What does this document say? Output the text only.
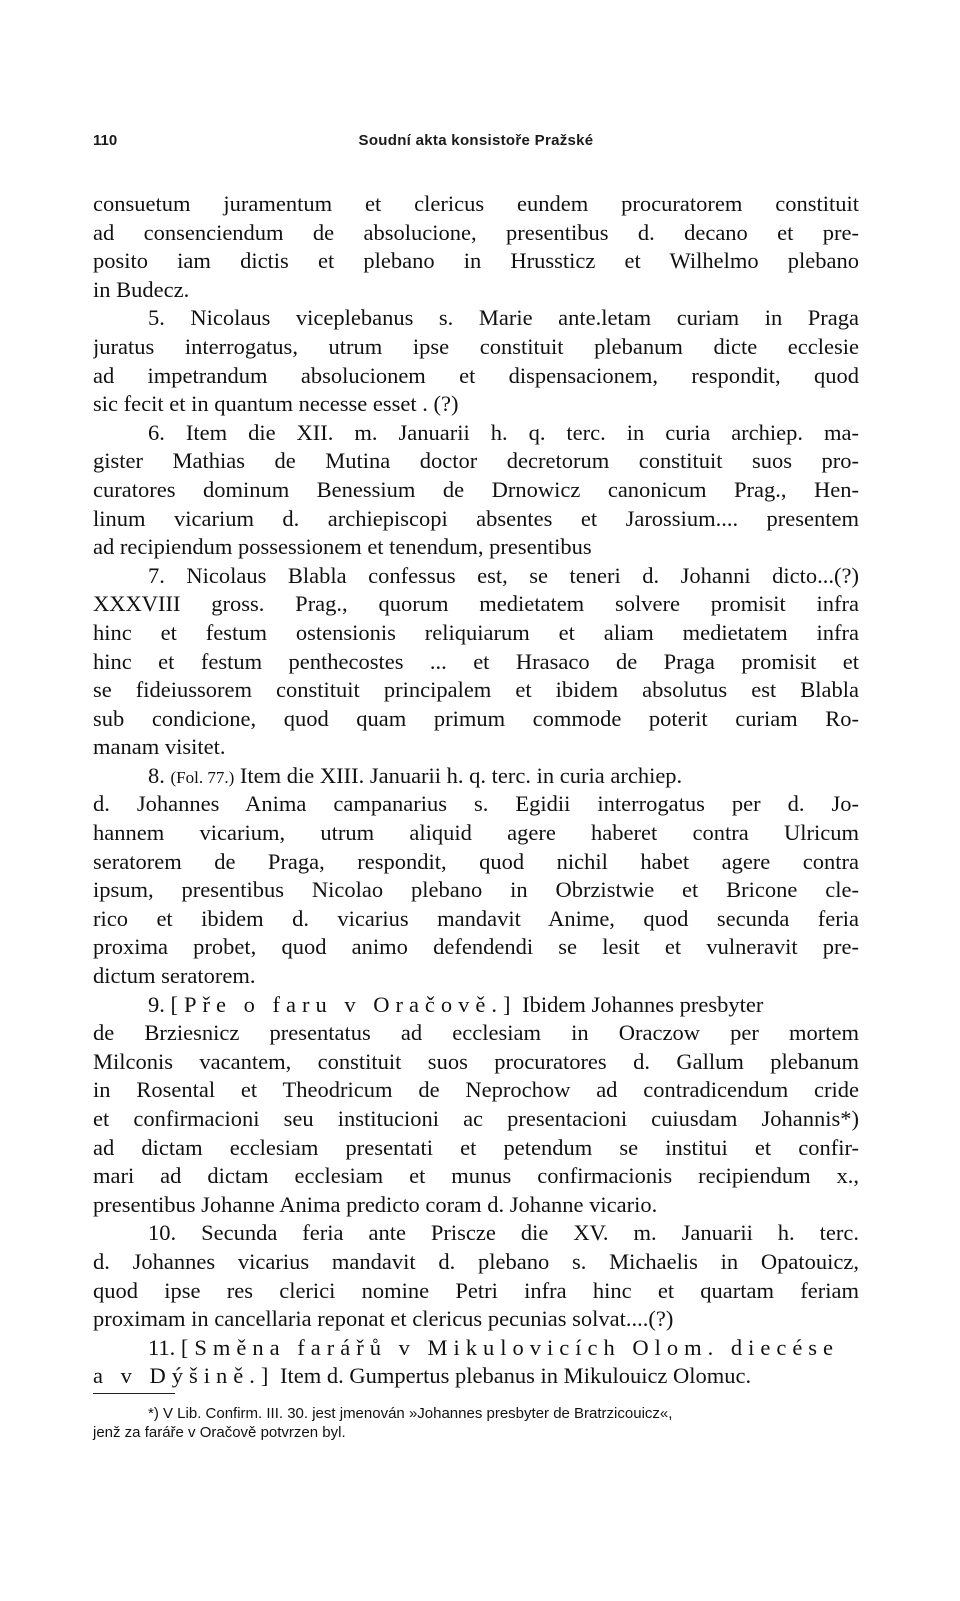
110	Soudní akta konsistoře Pražské
consuetum juramentum et clericus eundem procuratorem constituit
ad consenciendum de absolucione, presentibus d. decano et pre-
posito iam dictis et plebano in Hrussticz et Wilhelmo plebano
in Budecz.
5. Nicolaus viceplebanus s. Marie ante.letam curiam in Praga
juratus interrogatus, utrum ipse constituit plebanum dicte ecclesie
ad impetrandum absolucionem et dispensacionem, respondit, quod
sic fecit et in quantum necesse esset . (?)
6. Item die XII. m. Januarii h. q. terc. in curia archiep. ma-
gister Mathias de Mutina doctor decretorum constituit suos pro-
curatores dominum Benessium de Drnowicz canonicum Prag., Hen-
linum vicarium d. archiepiscopi absentes et Jarossium.... presentem
ad recipiendum possessionem et tenendum, presentibus
7. Nicolaus Blabla confessus est, se teneri d. Johanni dicto...(?)
XXXVIII gross. Prag., quorum medietatem solvere promisit infra
hinc et festum ostensionis reliquiarum et aliam medietatem infra
hinc et festum penthecostes ... et Hrasaco de Praga promisit et
se fideiussorem constituit principalem et ibidem absolutus est Blabla
sub condicione, quod quam primum commode poterit curiam Ro-
manam visitet.
8. (Fol. 77.) Item die XIII. Januarii h. q. terc. in curia archiep.
d. Johannes Anima campanarius s. Egidii interrogatus per d. Jo-
hannem vicarium, utrum aliquid agere haberet contra Ulricum
seratorem de Praga, respondit, quod nichil habet agere contra
ipsum, presentibus Nicolao plebano in Obrzistwie et Bricone cle-
rico et ibidem d. vicarius mandavit Anime, quod secunda feria
proxima probet, quod animo defendendi se lesit et vulneravit pre-
dictum seratorem.
9. [Pře o faru v Oračově.] Ibidem Johannes presbyter
de Brziesnicz presentatus ad ecclesiam in Oraczow per mortem
Milconis vacantem, constituit suos procuratores d. Gallum plebanum
in Rosental et Theodricum de Neprochow ad contradicendum cride
et confirmacioni seu institucioni ac presentacioni cuiusdam Johannis*)
ad dictam ecclesiam presentati et petendum se institui et confir-
mari ad dictam ecclesiam et munus confirmacionis recipiendum x.,
presentibus Johanne Anima predicto coram d. Johanne vicario.
10. Secunda feria ante Priscze die XV. m. Januarii h. terc.
d. Johannes vicarius mandavit d. plebano s. Michaelis in Opatouicz,
quod ipse res clerici nomine Petri infra hinc et quartam feriam
proximam in cancellaria reponat et clericus pecunias solvat....(?)
11. [Směna farářů v Mikulovicích Olom. diecése
a v Dýšině.] Item d. Gumpertus plebanus in Mikulouicz Olomuc.
*) V Lib. Confirm. III. 30. jest jmenován »Johannes presbyter de Bratrzicouicz«,
jenž za faráře v Oračově potvrzen byl.
